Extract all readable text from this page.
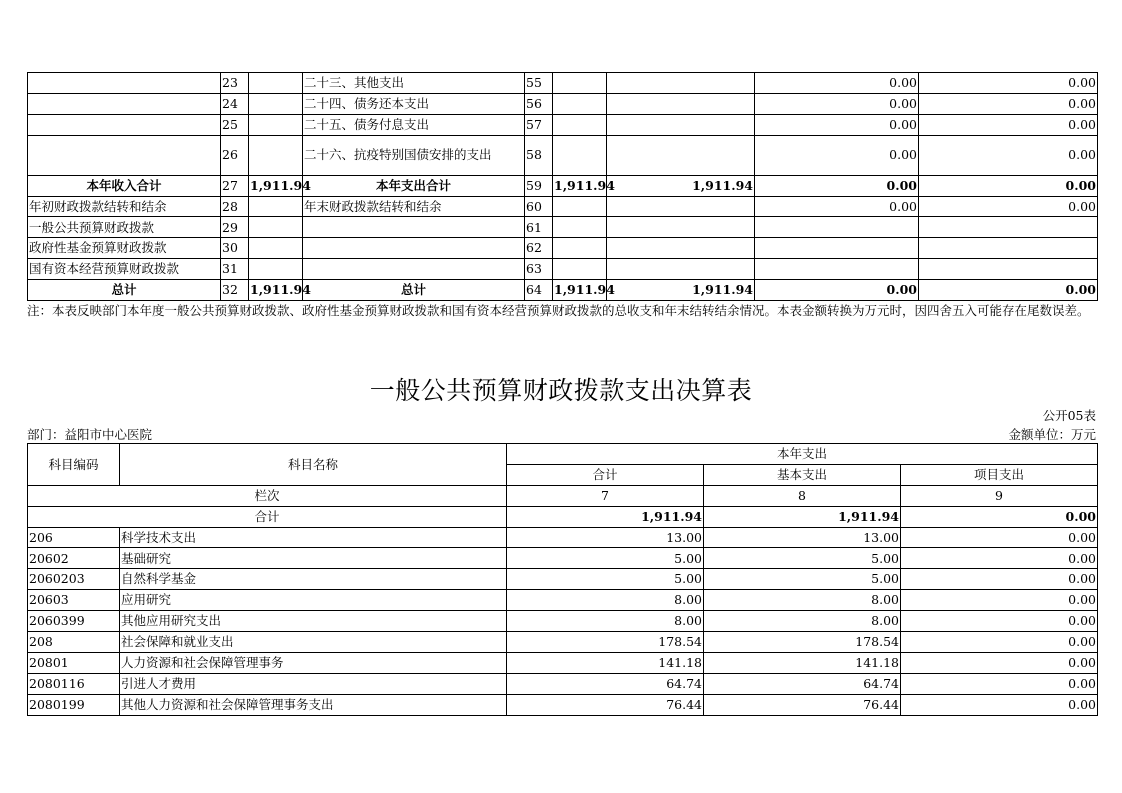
	23		二十三、其他支出	55			0.00	0.00
	24		二十四、债务还本支出	56			0.00	0.00
	25		二十五、债务付息支出	57			0.00	0.00
	26		二十六、抗疫特别国债安排的支出	58			0.00	0.00
本年收入合计	27	1,911.94	本年支出合计	59	1,911.94	1,911.94	0.00	0.00
年初财政拨款结转和结余	28		年末财政拨款结转和结余	60			0.00	0.00
一般公共预算财政拨款	29			61				
政府性基金预算财政拨款	30			62				
国有资本经营预算财政拨款	31			63				
总计	32	1,911.94	总计	64	1,911.94	1,911.94	0.00	0.00
注：本表反映部门本年度一般公共预算财政拨款、政府性基金预算财政拨款和国有资本经营预算财政拨款的总收支和年末结转结余情况。本表金额转换为万元时，因四舍五入可能存在尾数误差。
一般公共预算财政拨款支出决算表
公开05表
部门：益阳市中心医院	金额单位：万元
科目编码	科目名称	本年支出		
		合计	基本支出	项目支出
栏次		7	8	9
合计		1,911.94	1,911.94	0.00
206	科学技术支出	13.00	13.00	0.00
20602	基础研究	5.00	5.00	0.00
2060203	自然科学基金	5.00	5.00	0.00
20603	应用研究	8.00	8.00	0.00
2060399	其他应用研究支出	8.00	8.00	0.00
208	社会保障和就业支出	178.54	178.54	0.00
20801	人力资源和社会保障管理事务	141.18	141.18	0.00
2080116	引进人才费用	64.74	64.74	0.00
2080199	其他人力资源和社会保障管理事务支出	76.44	76.44	0.00
